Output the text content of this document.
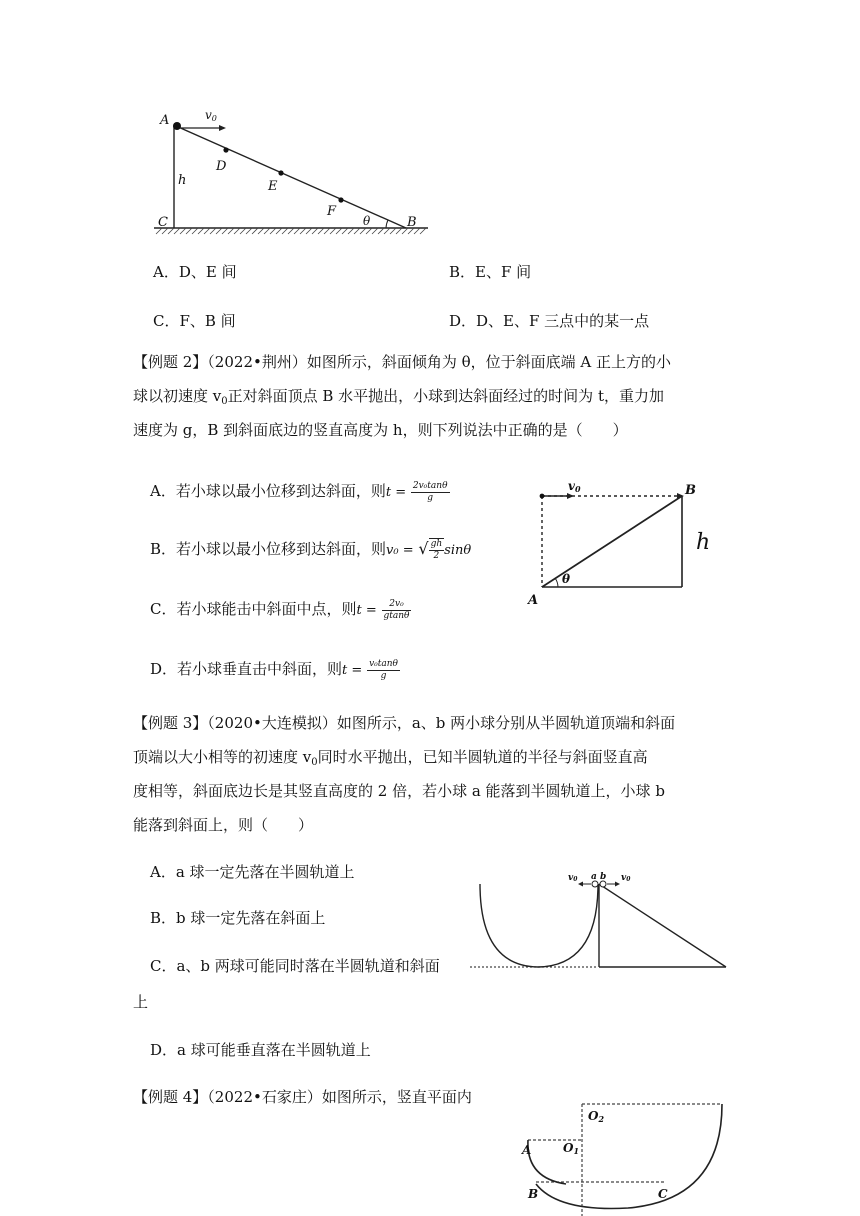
A	v0
D
E
h
F
C	θ	B
A．D、E 间	B．E、F 间
C．F、B 间	D．D、E、F 三点中的某一点
【例题 2】（2022•荆州）如图所示，斜面倾角为 θ，位于斜面底端 A 正上方的小
球以初速度 $v_0$正对斜面顶点 B 水平抛出，小球到达斜面经过的时间为 t，重力加
速度为 g，B 到斜面底边的竖直高度为 h，则下列说法中正确的是（　　）
A．若小球以最小位移到达斜面，则$t = \frac{\text{2v₀tanθ}}{g}$
B．若小球以最小位移到达斜面，则v₀ = √ $\frac{gh}{2}$ sinθ
C．若小球能击中斜面中点，则$t = \frac{\text{2v₀}}{gtan\theta}$
D．若小球垂直击中斜面，则$t = \frac{\text{v₀tanθ}}{g}$
v0	B
h
A
θ
【例题 3】（2020•大连模拟）如图所示，a、b 两小球分别从半圆轨道顶端和斜面
顶端以大小相等的初速度 $v_0$同时水平抛出，已知半圆轨道的半径与斜面竖直高
度相等，斜面底边长是其竖直高度的 2 倍，若小球 a 能落到半圆轨道上，小球 b
能落到斜面上，则（　　）
A．a 球一定先落在半圆轨道上
B．b 球一定先落在斜面上
C．a、b 两球可能同时落在半圆轨道和斜面
上
D．a 球可能垂直落在半圆轨道上
v0 a b v0
【例题 4】（2022•石家庄）如图所示，竖直平面内
O2
O1
A
B	C
